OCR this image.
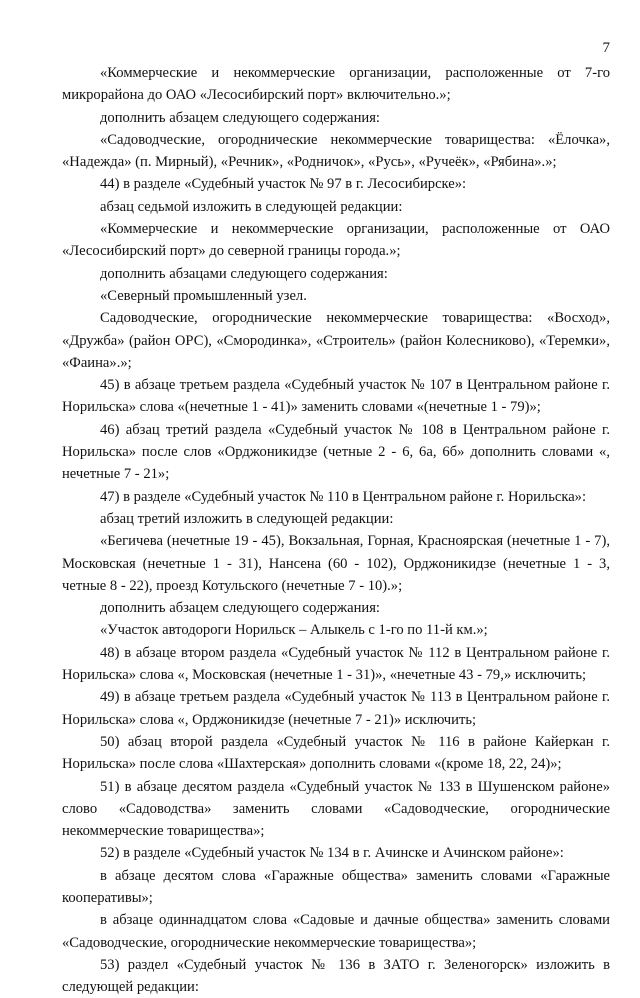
7

«Коммерческие и некоммерческие организации, расположенные от 7-го микрорайона до ОАО «Лесосибирский порт» включительно.»;

дополнить абзацем следующего содержания:

«Садоводческие, огороднические некоммерческие товарищества: «Ёлочка», «Надежда» (п. Мирный), «Речник», «Родничок», «Русь», «Ручеёк», «Рябина».»;

44) в разделе «Судебный участок № 97 в г. Лесосибирске»:

абзац седьмой изложить в следующей редакции:

«Коммерческие и некоммерческие организации, расположенные от ОАО «Лесосибирский порт» до северной границы города.»;

дополнить абзацами следующего содержания:

«Северный промышленный узел.

Садоводческие, огороднические некоммерческие товарищества: «Восход», «Дружба» (район ОРС), «Смородинка», «Строитель» (район Колесниково), «Теремки», «Фаина».»;

45) в абзаце третьем раздела «Судебный участок № 107 в Центральном районе г. Норильска» слова «(нечетные 1 - 41)» заменить словами «(нечетные 1 - 79)»;

46) абзац третий раздела «Судебный участок № 108 в Центральном районе г. Норильска» после слов «Орджоникидзе (четные 2 - 6, 6а, 6б» дополнить словами «, нечетные 7 - 21»;

47) в разделе «Судебный участок № 110 в Центральном районе г. Норильска»:

абзац третий изложить в следующей редакции:

«Бегичева (нечетные 19 - 45), Вокзальная, Горная, Красноярская (нечетные 1 - 7), Московская (нечетные 1 - 31), Нансена (60 - 102), Орджоникидзе (нечетные 1 - 3, четные 8 - 22), проезд Котульского (нечетные 7 - 10).»;

дополнить абзацем следующего содержания:

«Участок автодороги Норильск – Алыкель с 1-го по 11-й км.»;

48) в абзаце втором раздела «Судебный участок № 112 в Центральном районе г. Норильска» слова «, Московская (нечетные 1 - 31)», «нечетные 43 - 79,» исключить;

49) в абзаце третьем раздела «Судебный участок № 113 в Центральном районе г. Норильска» слова «, Орджоникидзе (нечетные 7 - 21)» исключить;

50) абзац второй раздела «Судебный участок № 116 в районе Кайеркан г. Норильска» после слова «Шахтерская» дополнить словами «(кроме 18, 22, 24)»;

51) в абзаце десятом раздела «Судебный участок № 133 в Шушенском районе» слово «Садоводства» заменить словами «Садоводческие, огороднические некоммерческие товарищества»;

52) в разделе «Судебный участок № 134 в г. Ачинске и Ачинском районе»:

в абзаце десятом слова «Гаражные общества» заменить словами «Гаражные кооперативы»;

в абзаце одиннадцатом слова «Садовые и дачные общества» заменить словами «Садоводческие, огороднические некоммерческие товарищества»;

53) раздел «Судебный участок № 136 в ЗАТО г. Зеленогорск» изложить в следующей редакции:
